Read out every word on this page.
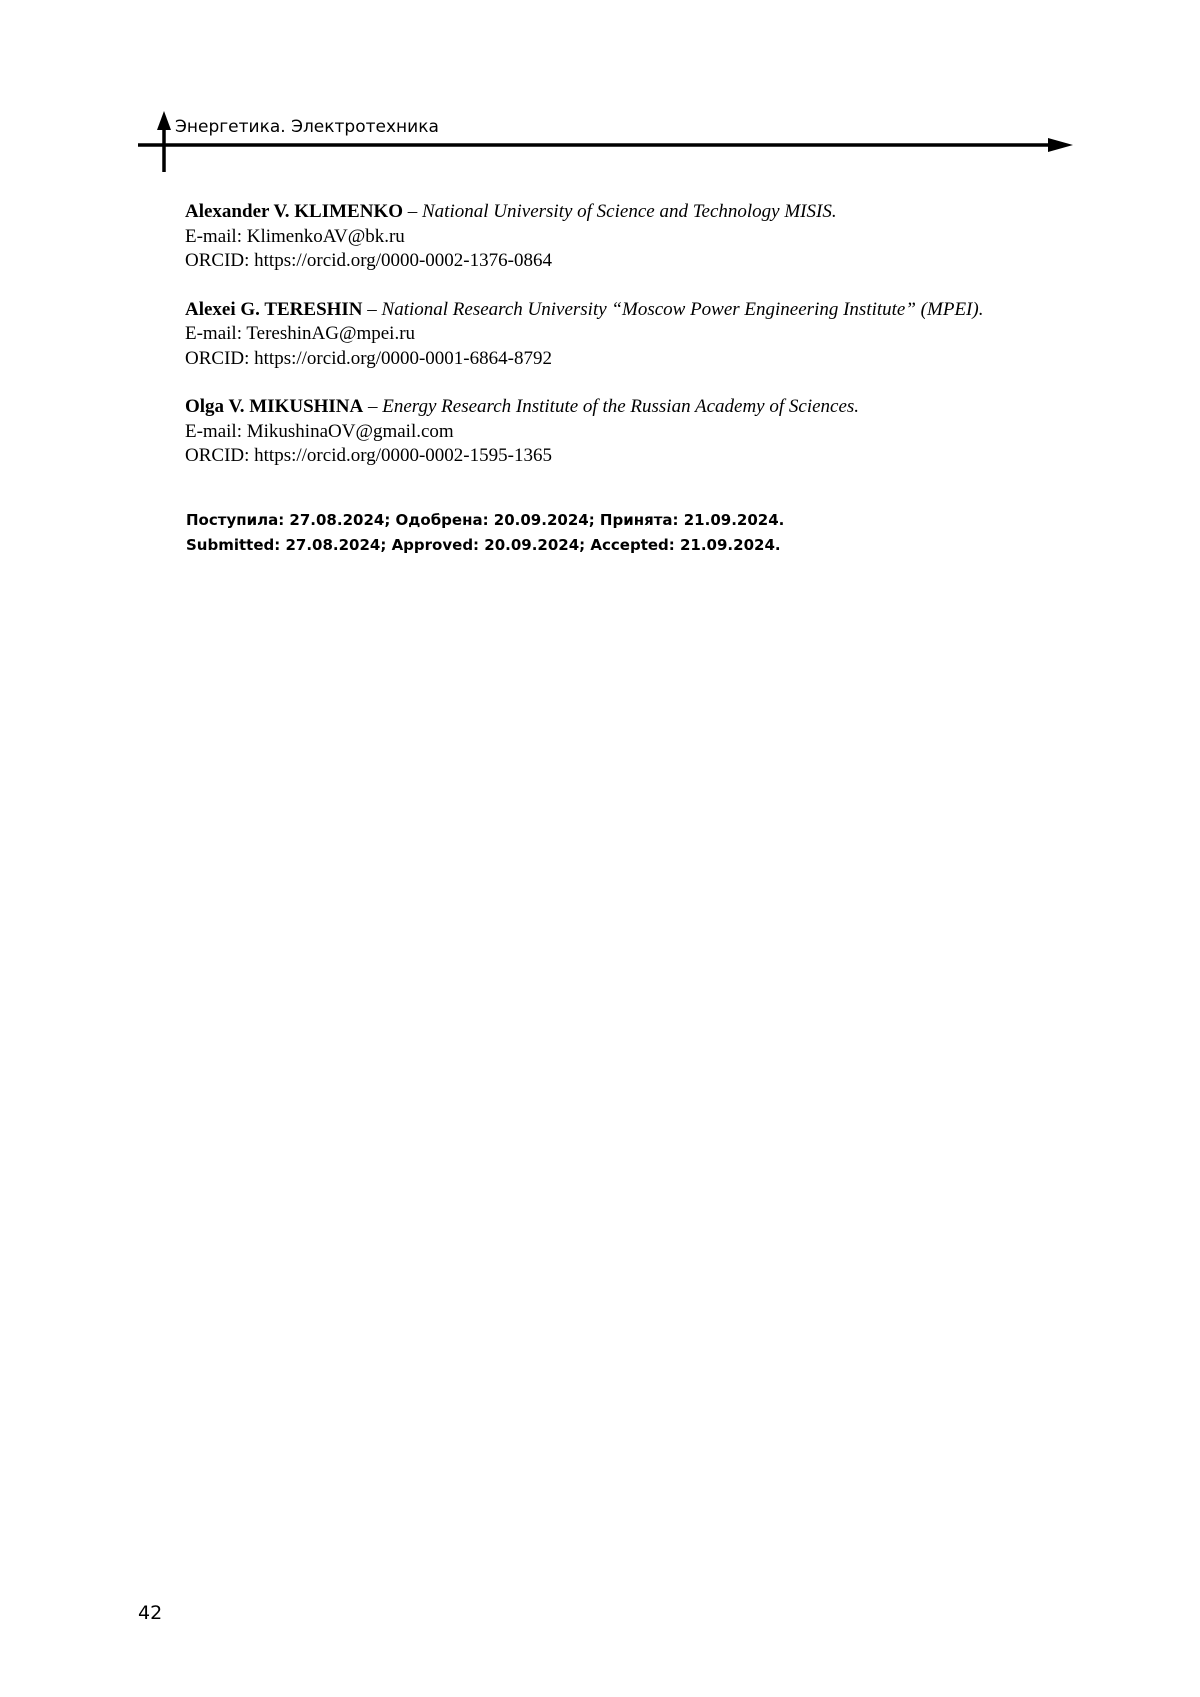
Энергетика. Электротехника
Alexander V. KLIMENKO – National University of Science and Technology MISIS.
E-mail: KlimenkoAV@bk.ru
ORCID: https://orcid.org/0000-0002-1376-0864
Alexei G. TERESHIN – National Research University “Moscow Power Engineering Institute” (MPEI).
E-mail: TereshinAG@mpei.ru
ORCID: https://orcid.org/0000-0001-6864-8792
Olga V. MIKUSHINA – Energy Research Institute of the Russian Academy of Sciences.
E-mail: MikushinaOV@gmail.com
ORCID: https://orcid.org/0000-0002-1595-1365
Поступила: 27.08.2024; Одобрена: 20.09.2024; Принята: 21.09.2024.
Submitted: 27.08.2024; Approved: 20.09.2024; Accepted: 21.09.2024.
42
